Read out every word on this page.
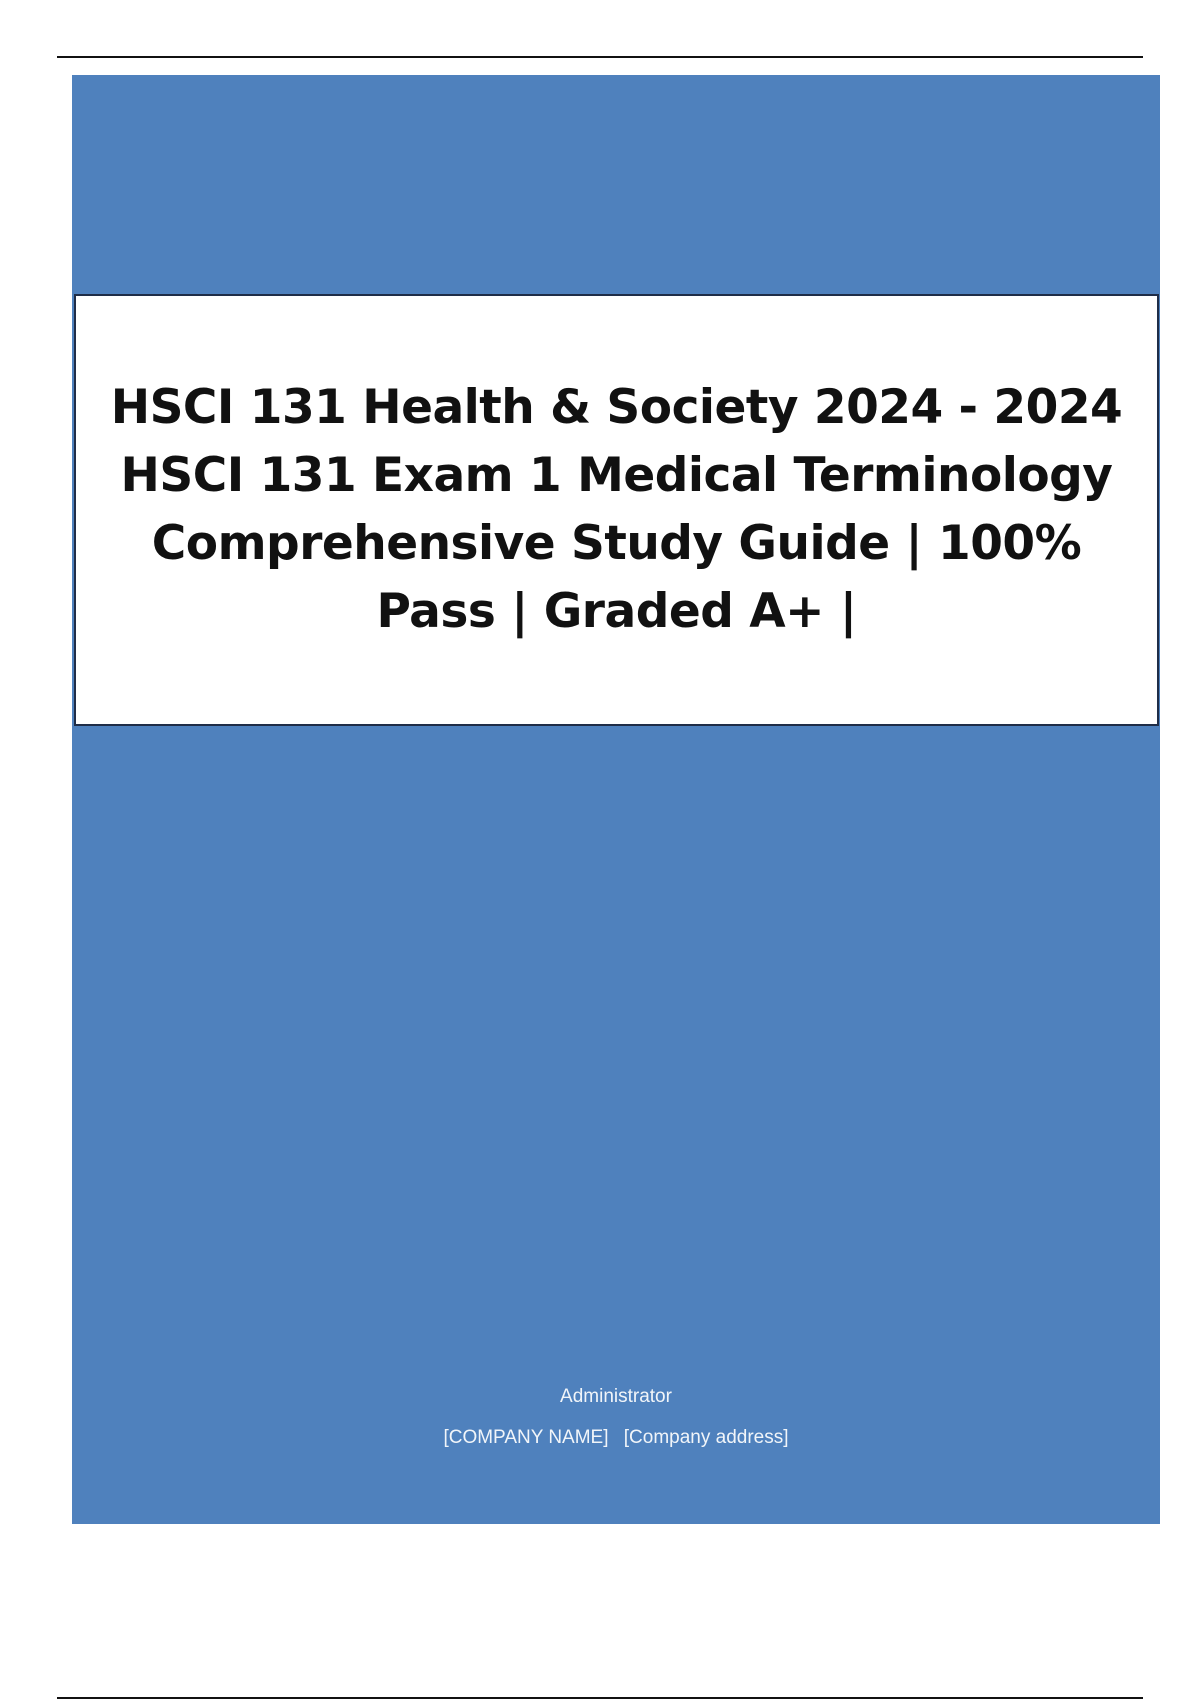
HSCI 131 Health & Society 2024 - 2024 HSCI 131 Exam 1 Medical Terminology Comprehensive Study Guide | 100% Pass | Graded A+ |
Administrator
[COMPANY NAME] [Company address]
